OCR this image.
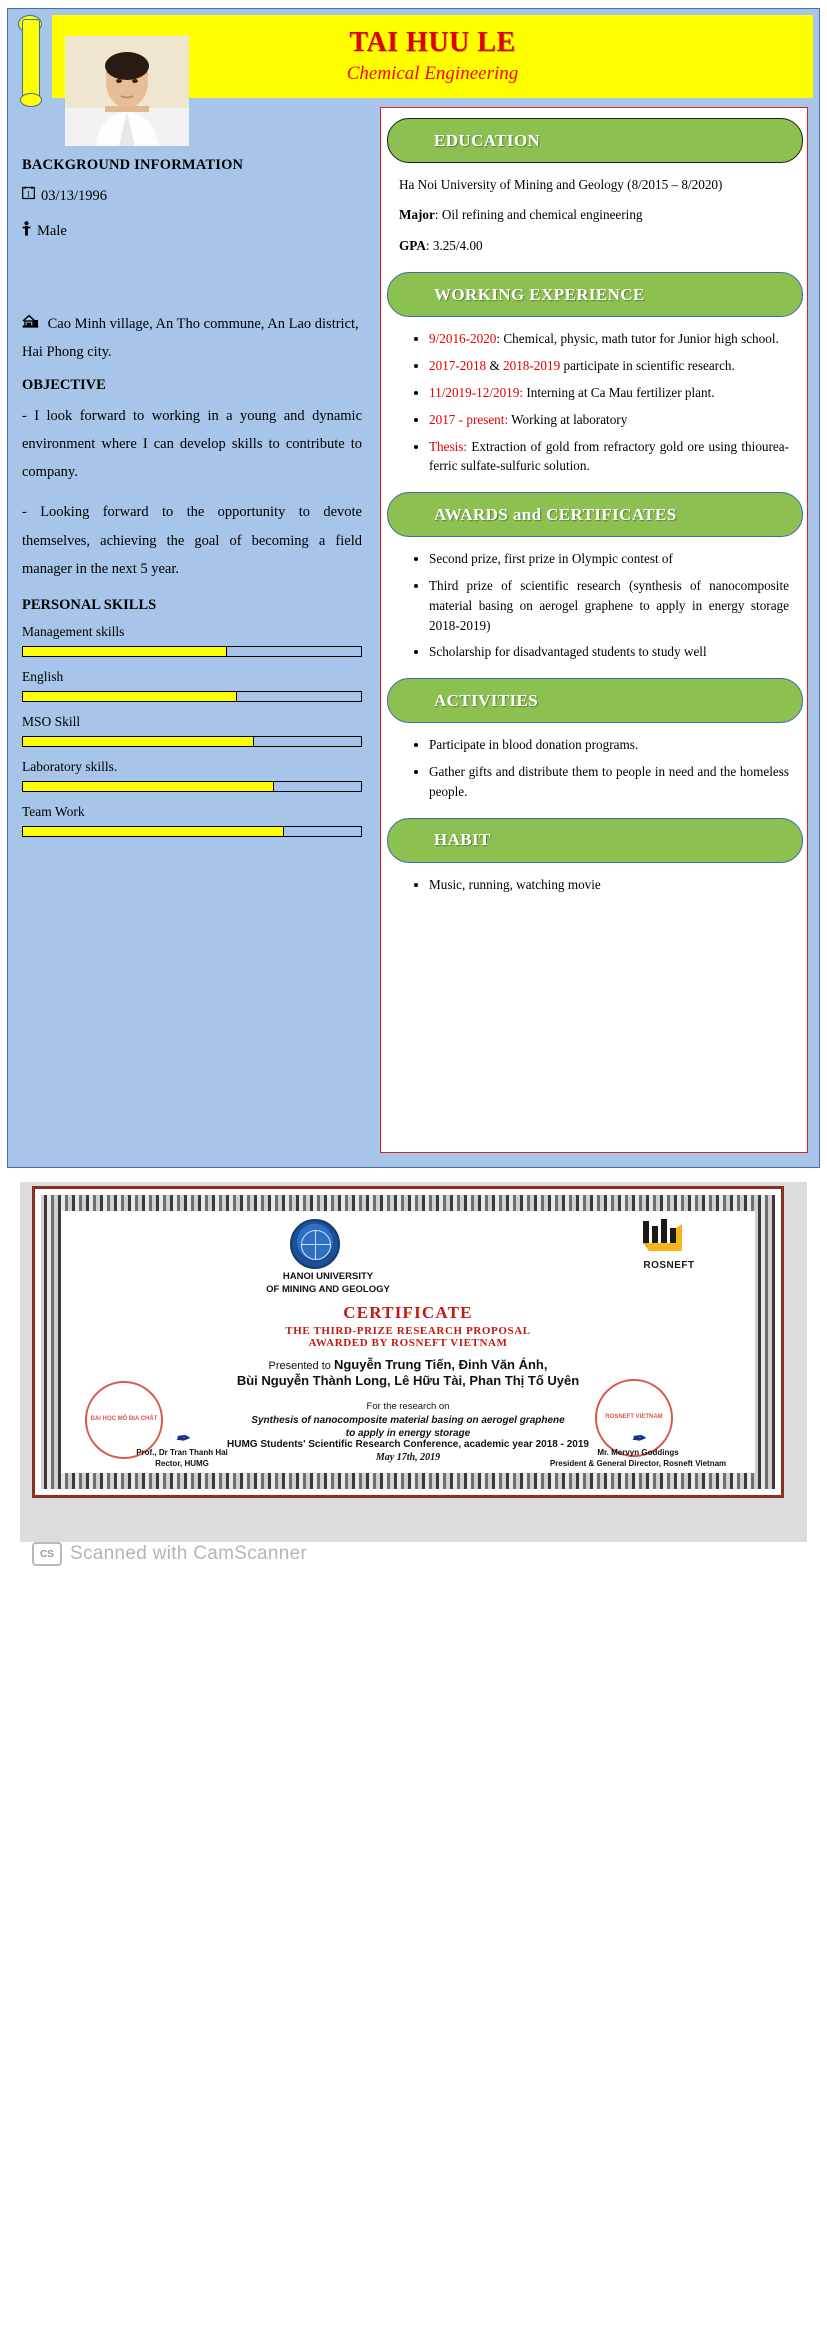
TAI HUU LE
Chemical Engineering
BACKGROUND INFORMATION
1 03/13/1996
Male
Cao Minh village, An Tho commune, An Lao district, Hai Phong city.
OBJECTIVE
- I look forward to working in a young and dynamic environment where I can develop skills to contribute to company.
- Looking forward to the opportunity to devote themselves, achieving the goal of becoming a field manager in the next 5 year.
PERSONAL SKILLS
Management skills
English
MSO Skill
Laboratory skills.
Team Work
EDUCATION
Ha Noi University of Mining and Geology (8/2015 – 8/2020)
Major: Oil refining and chemical engineering
GPA: 3.25/4.00
WORKING EXPERIENCE
• 9/2016-2020: Chemical, physic, math tutor for Junior high school.
• 2017-2018 & 2018-2019 participate in scientific research.
• 11/2019-12/2019: Interning at Ca Mau fertilizer plant.
• 2017 - present: Working at laboratory
• Thesis: Extraction of gold from refractory gold ore using thiourea-ferric sulfate-sulfuric solution.
AWARDS and CERTIFICATES
• Second prize, first prize in Olympic contest of
• Third prize of scientific research (synthesis of nanocomposite material basing on aerogel graphene to apply in energy storage 2018-2019)
• Scholarship for disadvantaged students to study well
ACTIVITIES
• Participate in blood donation programs.
• Gather gifts and distribute them to people in need and the homeless people.
HABIT
• Music, running, watching movie
HANOI UNIVERSITY
OF MINING AND GEOLOGY
ROSNEFT
CERTIFICATE
THE THIRD-PRIZE RESEARCH PROPOSAL
AWARDED BY ROSNEFT VIETNAM
Presented to Nguyễn Trung Tiến, Đinh Văn Ánh,
Bùi Nguyễn Thành Long, Lê Hữu Tài, Phan Thị Tố Uyên
For the research on
Synthesis of nanocomposite material basing on aerogel graphene
to apply in energy storage
HUMG Students' Scientific Research Conference, academic year 2018 - 2019
May 17th, 2019
ĐẠI HỌC MỎ ĐỊA CHẤT	ROSNEFT VIETNAM
✒
Prof., Dr Tran Thanh Hai
Rector, HUMG
✒
Mr. Mervyn Goddings
President & General Director, Rosneft Vietnam
CS Scanned with CamScanner
